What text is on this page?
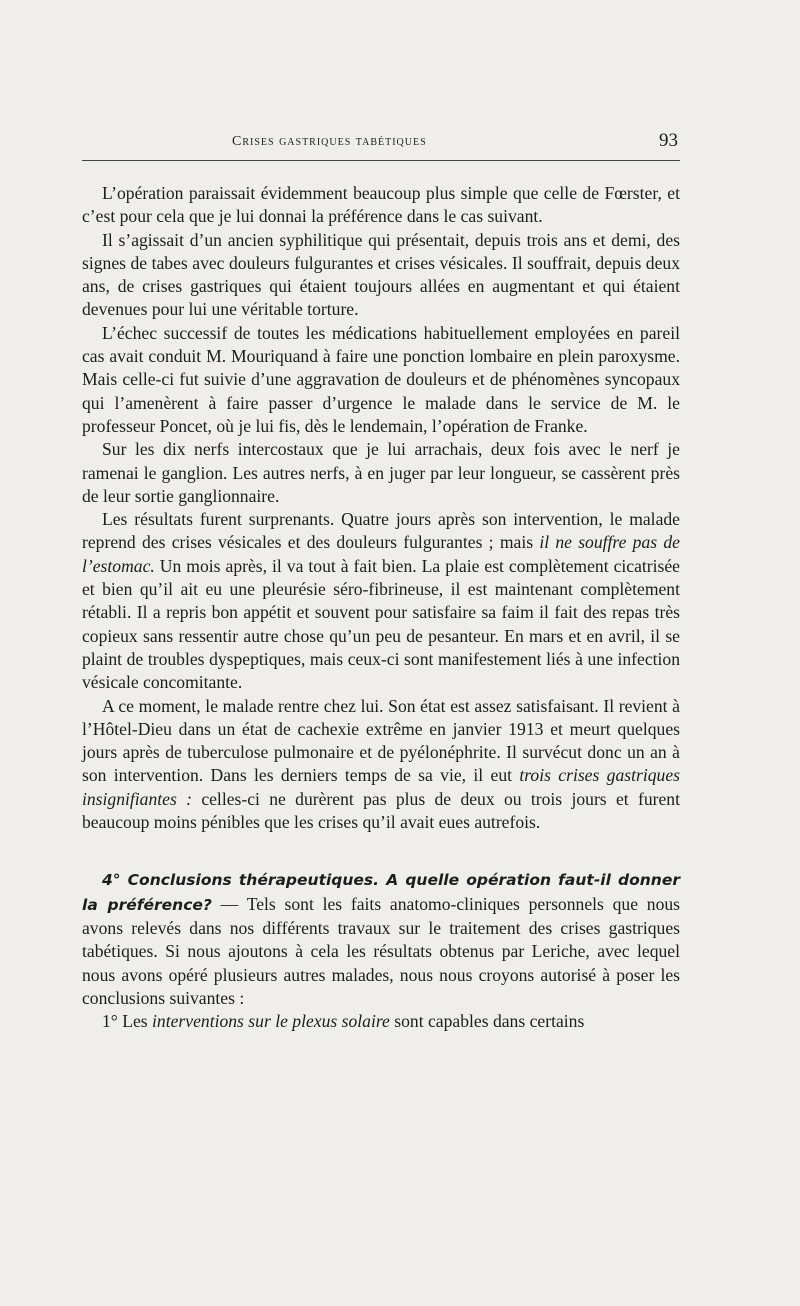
Crises gastriques tabétiques	93

L’opération paraissait évidemment beaucoup plus simple que celle de Fœrster, et c’est pour cela que je lui donnai la préférence dans le cas suivant.

Il s’agissait d’un ancien syphilitique qui présentait, depuis trois ans et demi, des signes de tabes avec douleurs fulgurantes et crises vésicales. Il souffrait, depuis deux ans, de crises gastriques qui étaient toujours allées en augmentant et qui étaient devenues pour lui une véritable torture.

L’échec successif de toutes les médications habituellement employées en pareil cas avait conduit M. Mouriquand à faire une ponction lombaire en plein paroxysme. Mais celle-ci fut suivie d’une aggravation de douleurs et de phénomènes syncopaux qui l’amenèrent à faire passer d’urgence le malade dans le service de M. le professeur Poncet, où je lui fis, dès le lendemain, l’opération de Franke.

Sur les dix nerfs intercostaux que je lui arrachais, deux fois avec le nerf je ramenai le ganglion. Les autres nerfs, à en juger par leur longueur, se cassèrent près de leur sortie ganglionnaire.

Les résultats furent surprenants. Quatre jours après son intervention, le malade reprend des crises vésicales et des douleurs fulgurantes ; mais il ne souffre pas de l’estomac. Un mois après, il va tout à fait bien. La plaie est complètement cicatrisée et bien qu’il ait eu une pleurésie séro-fibrineuse, il est maintenant complètement rétabli. Il a repris bon appétit et souvent pour satisfaire sa faim il fait des repas très copieux sans ressentir autre chose qu’un peu de pesanteur. En mars et en avril, il se plaint de troubles dyspeptiques, mais ceux-ci sont manifestement liés à une infection vésicale concomitante.

A ce moment, le malade rentre chez lui. Son état est assez satisfaisant. Il revient à l’Hôtel-Dieu dans un état de cachexie extrême en janvier 1913 et meurt quelques jours après de tuberculose pulmonaire et de pyélonéphrite. Il survécut donc un an à son intervention. Dans les derniers temps de sa vie, il eut trois crises gastriques insignifiantes : celles-ci ne durèrent pas plus de deux ou trois jours et furent beaucoup moins pénibles que les crises qu’il avait eues autrefois.

4° Conclusions thérapeutiques. A quelle opération faut-il donner la préférence? — Tels sont les faits anatomo-cliniques personnels que nous avons relevés dans nos différents travaux sur le traitement des crises gastriques tabétiques. Si nous ajoutons à cela les résultats obtenus par Leriche, avec lequel nous avons opéré plusieurs autres malades, nous nous croyons autorisé à poser les conclusions suivantes :

1° Les interventions sur le plexus solaire sont capables dans certains
